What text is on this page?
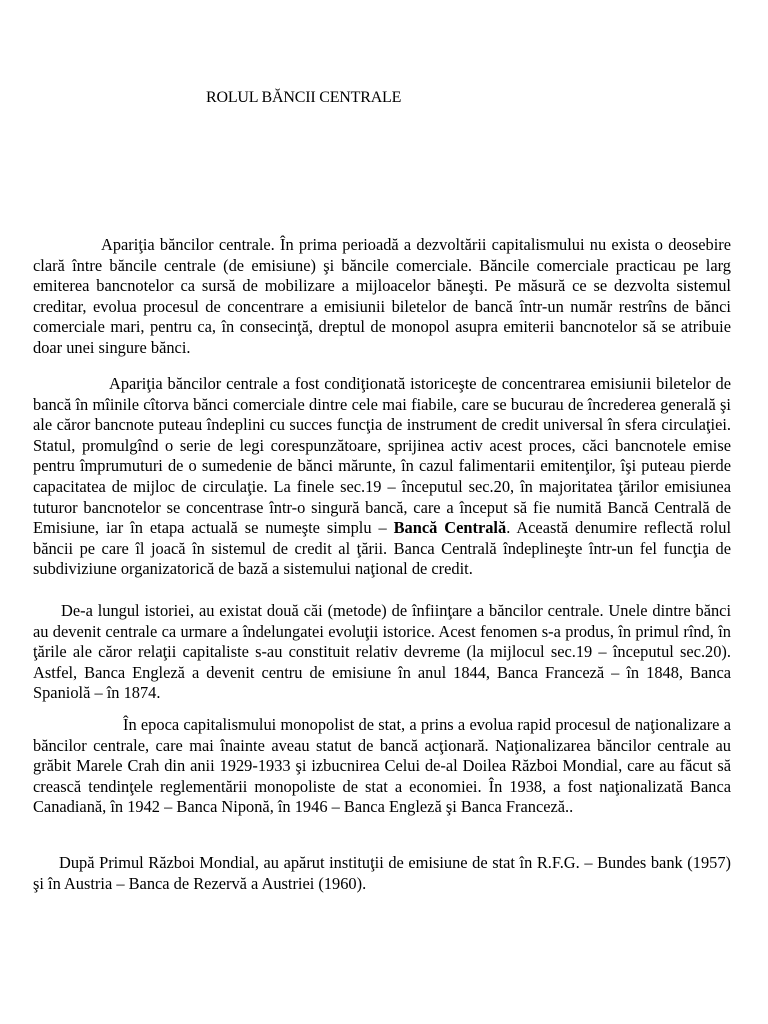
ROLUL BĂNCII CENTRALE

Apariţia băncilor centrale. În prima perioadă a dezvoltării capitalismului nu exista o deosebire clară între băncile centrale (de emisiune) şi băncile comerciale. Băncile comerciale practicau pe larg emiterea bancnotelor ca sursă de mobilizare a mijloacelor băneşti. Pe măsură ce se dezvolta sistemul creditar, evolua procesul de concentrare a emisiunii biletelor de bancă într-un număr restrîns de bănci comerciale mari, pentru ca, în consecinţă, dreptul de monopol asupra emiterii bancnotelor să se atribuie doar unei singure bănci.

Apariţia băncilor centrale a fost condiţionată istoriceşte de concentrarea emisiunii biletelor de bancă în mîinile cîtorva bănci comerciale dintre cele mai fiabile, care se bucurau de încrederea generală şi ale căror bancnote puteau îndeplini cu succes funcţia de instrument de credit universal în sfera circulaţiei. Statul, promulgînd o serie de legi corespunzătoare, sprijinea activ acest proces, căci bancnotele emise pentru împrumuturi de o sumedenie de bănci mărunte, în cazul falimentarii emitenţilor, îşi puteau pierde capacitatea de mijloc de circulaţie. La finele sec.19 – începutul sec.20, în majoritatea ţărilor emisiunea tuturor bancnotelor se concentrase într-o singură bancă, care a început să fie numită Bancă Centrală de Emisiune, iar în etapa actuală se numeşte simplu – Bancă Centrală. Această denumire reflectă rolul băncii pe care îl joacă în sistemul de credit al ţării. Banca Centrală îndeplineşte într-un fel funcţia de subdiviziune organizatorică de bază a sistemului naţional de credit.

De-a lungul istoriei, au existat două căi (metode) de înfiinţare a băncilor centrale. Unele dintre bănci au devenit centrale ca urmare a îndelungatei evoluţii istorice. Acest fenomen s-a produs, în primul rînd, în ţările ale căror relaţii capitaliste s-au constituit relativ devreme (la mijlocul sec.19 – începutul sec.20). Astfel, Banca Engleză a devenit centru de emisiune în anul 1844, Banca Franceză – în 1848, Banca Spaniolă – în 1874.

În epoca capitalismului monopolist de stat, a prins a evolua rapid procesul de naţionalizare a băncilor centrale, care mai înainte aveau statut de bancă acţionară. Naţionalizarea băncilor centrale au grăbit Marele Crah din anii 1929-1933 şi izbucnirea Celui de-al Doilea Război Mondial, care au făcut să crească tendinţele reglementării monopoliste de stat a economiei. În 1938, a fost naţionalizată Banca Canadiană, în 1942 – Banca Niponă, în 1946 – Banca Engleză şi Banca Franceză..

După Primul Război Mondial, au apărut instituţii de emisiune de stat în R.F.G. – Bundes bank (1957) şi în Austria – Banca de Rezervă a Austriei (1960).
